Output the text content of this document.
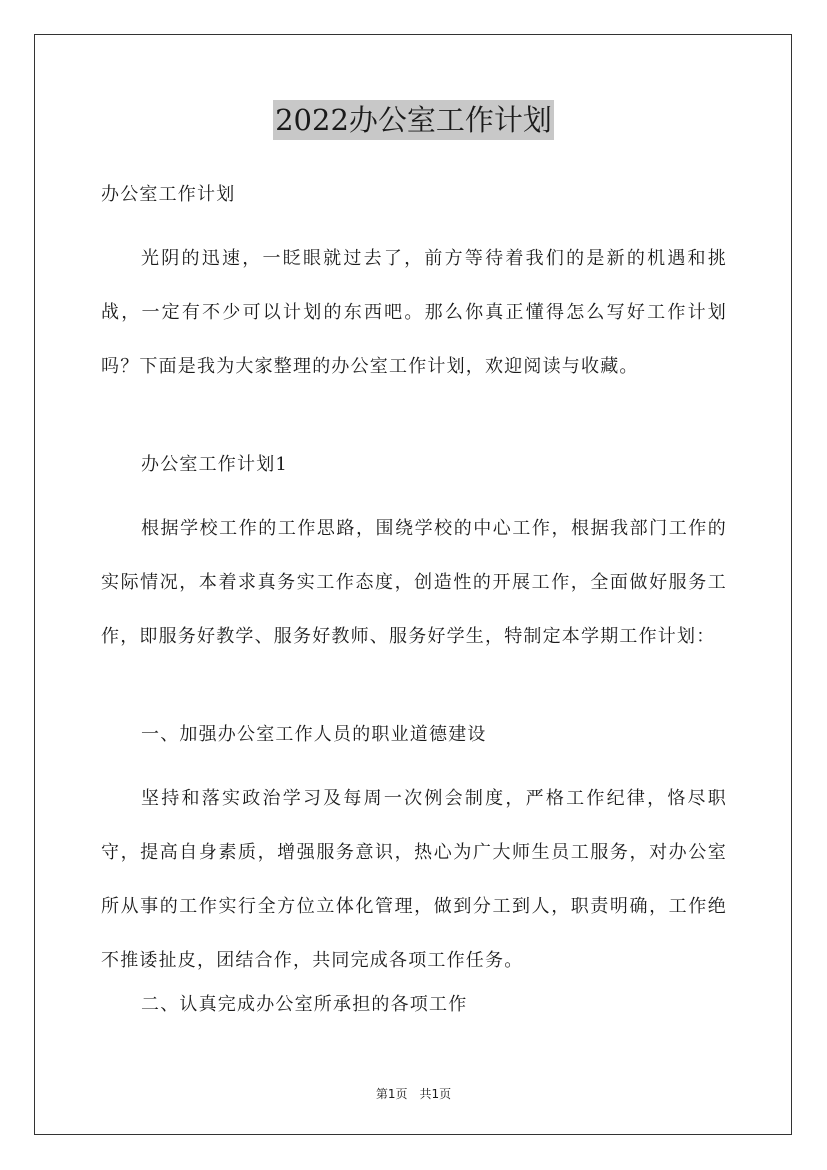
2022办公室工作计划

办公室工作计划

光阴的迅速，一眨眼就过去了，前方等待着我们的是新的机遇和挑战，一定有不少可以计划的东西吧。那么你真正懂得怎么写好工作计划吗？下面是我为大家整理的办公室工作计划，欢迎阅读与收藏。

办公室工作计划1

根据学校工作的工作思路，围绕学校的中心工作，根据我部门工作的实际情况，本着求真务实工作态度，创造性的开展工作，全面做好服务工作，即服务好教学、服务好教师、服务好学生，特制定本学期工作计划：

一、加强办公室工作人员的职业道德建设

坚持和落实政治学习及每周一次例会制度，严格工作纪律，恪尽职守，提高自身素质，增强服务意识，热心为广大师生员工服务，对办公室所从事的工作实行全方位立体化管理，做到分工到人，职责明确，工作绝不推诿扯皮，团结合作，共同完成各项工作任务。

二、认真完成办公室所承担的各项工作

第1页　共1页
